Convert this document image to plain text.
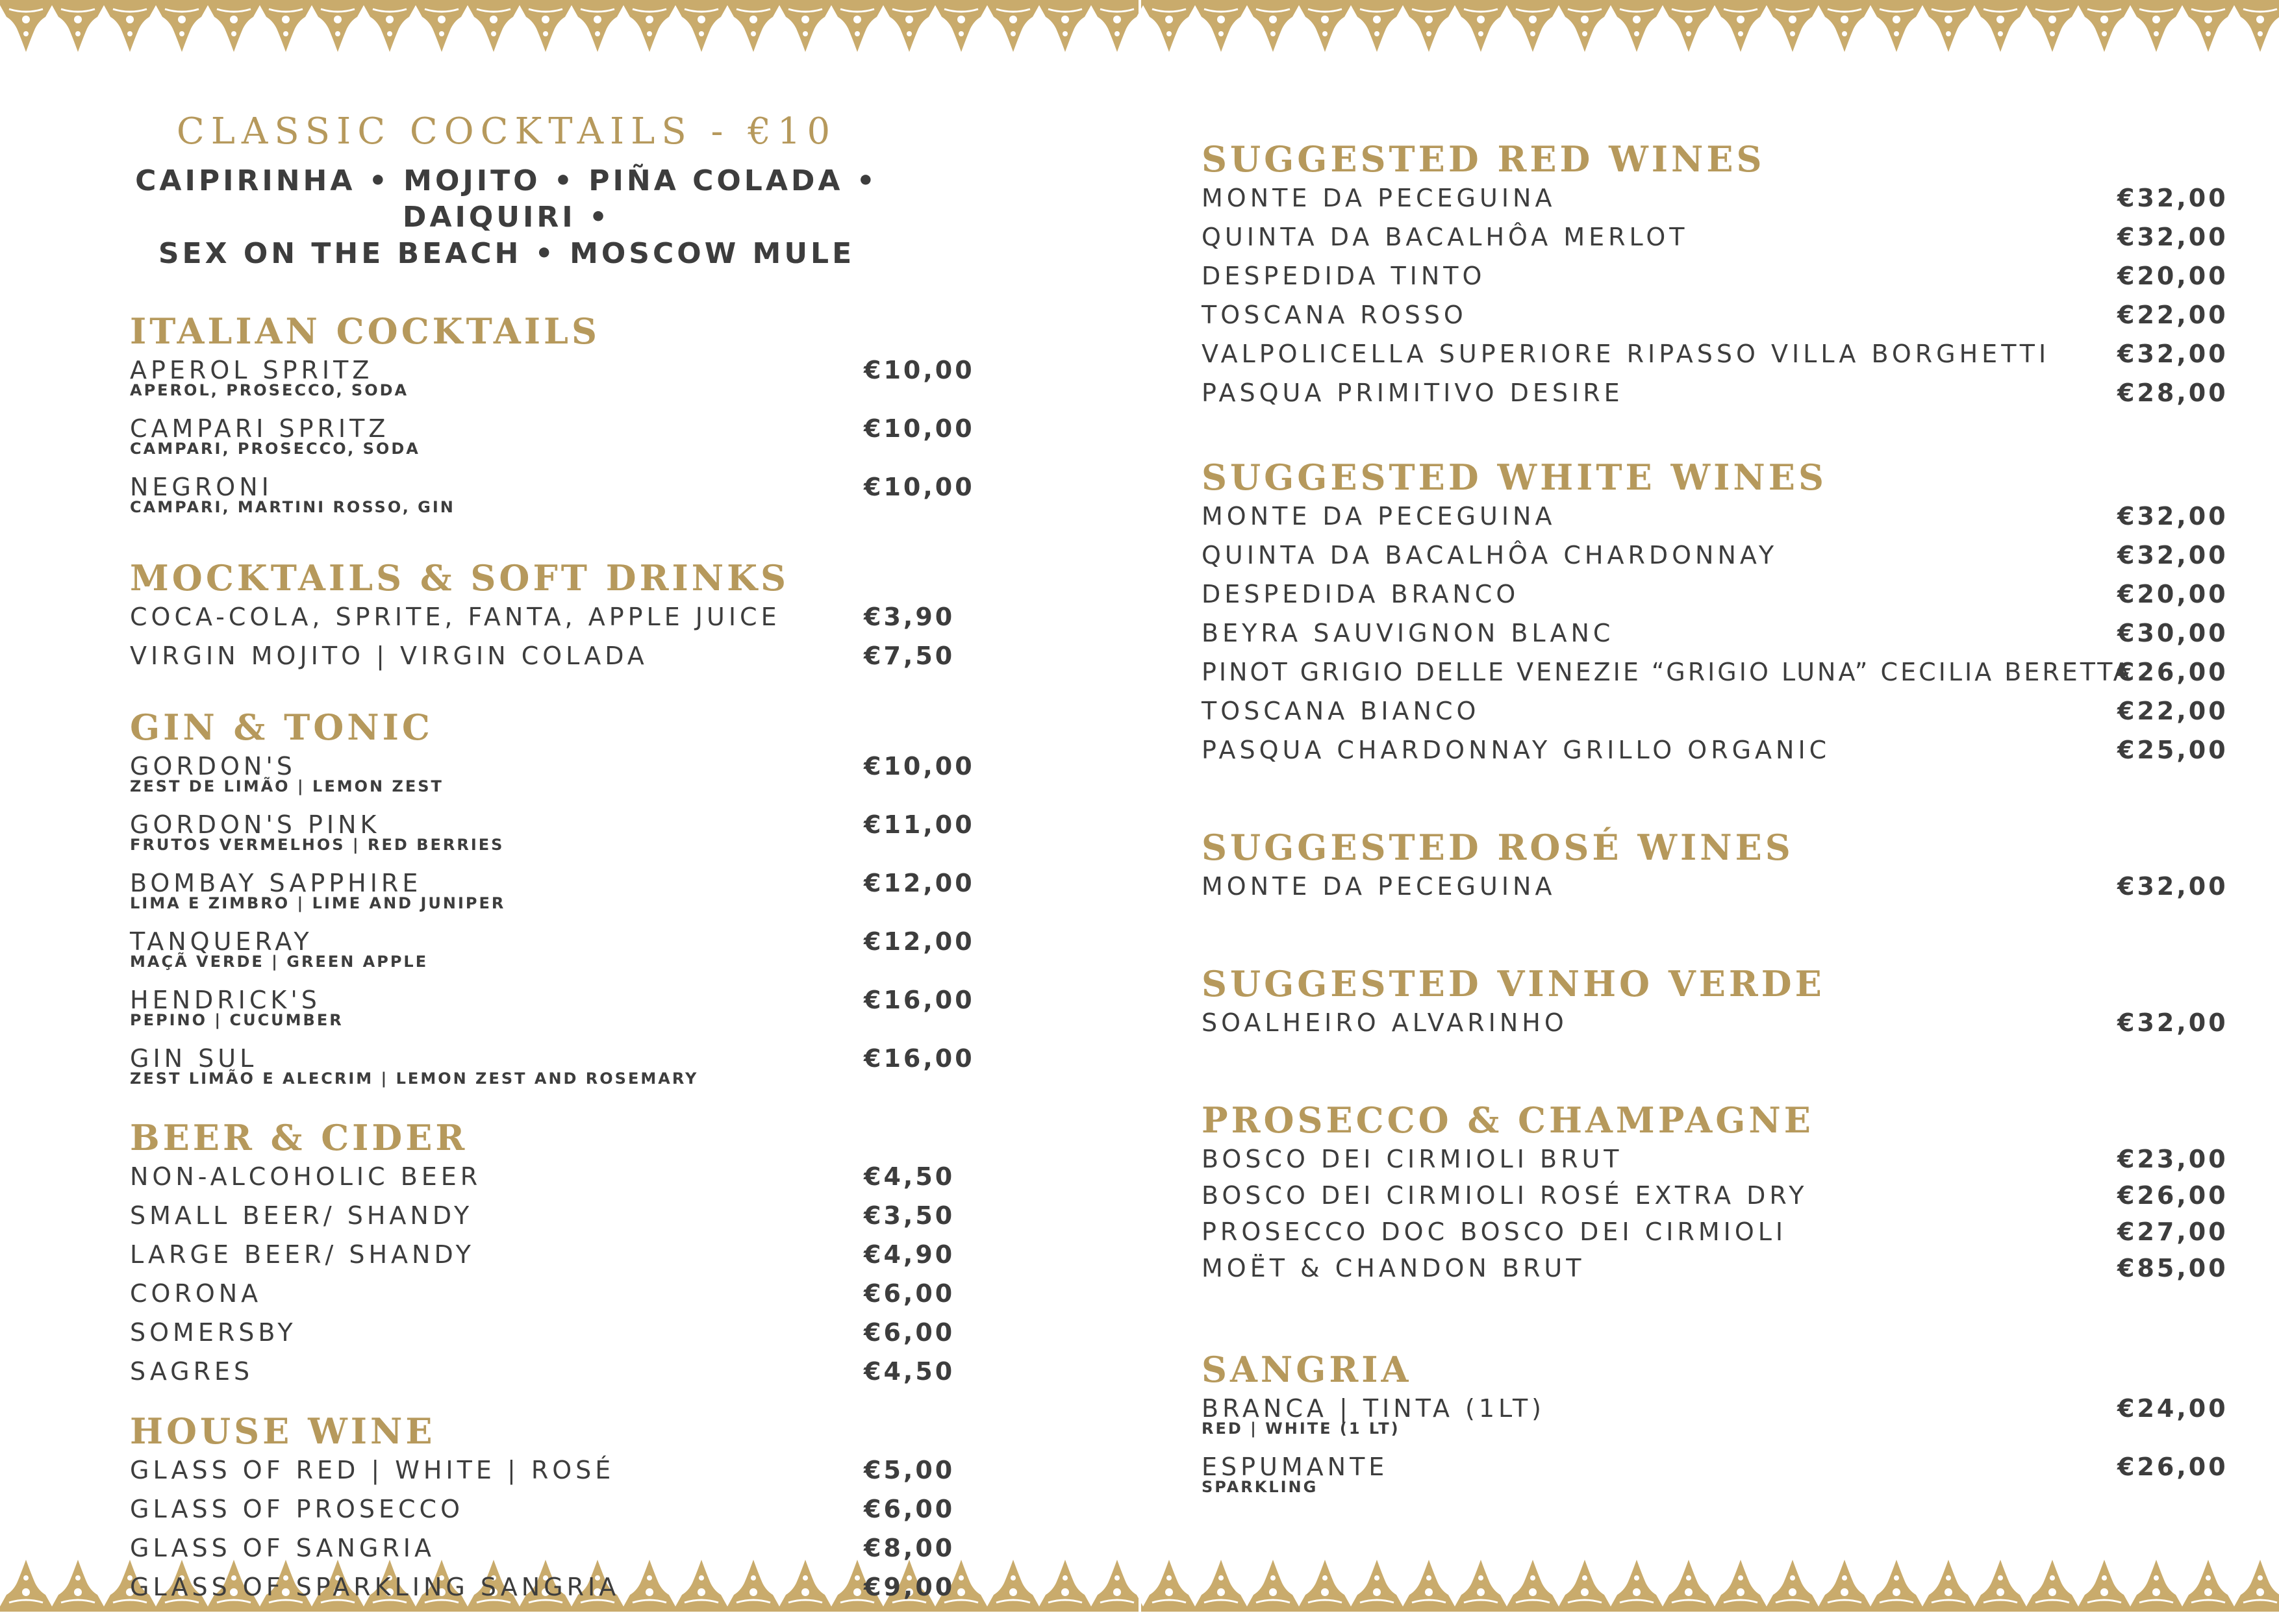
CLASSIC COCKTAILS - €10
CAIPIRINHA • MOJITO • PIÑA COLADA • DAIQUIRI •
SEX ON THE BEACH • MOSCOW MULE
ITALIAN COCKTAILS
APEROL SPRITZ
APEROL, PROSECCO, SODA
€10,00
CAMPARI SPRITZ
CAMPARI, PROSECCO, SODA
€10,00
NEGRONI
CAMPARI, MARTINI ROSSO, GIN
€10,00
MOCKTAILS & SOFT DRINKS
COCA-COLA, SPRITE, FANTA, APPLE JUICE	€3,90
VIRGIN MOJITO | VIRGIN COLADA	€7,50
GIN & TONIC
GORDON'S
ZEST DE LIMÃO | LEMON ZEST
€10,00
GORDON'S PINK
FRUTOS VERMELHOS | RED BERRIES
€11,00
BOMBAY SAPPHIRE
LIMA E ZIMBRO | LIME AND JUNIPER
€12,00
TANQUERAY
MAÇÃ VERDE | GREEN APPLE
€12,00
HENDRICK'S
PEPINO | CUCUMBER
€16,00
GIN SUL
ZEST LIMÃO E ALECRIM | LEMON ZEST AND ROSEMARY
€16,00
BEER & CIDER
NON-ALCOHOLIC BEER	€4,50
SMALL BEER/ SHANDY	€3,50
LARGE BEER/ SHANDY	€4,90
CORONA	€6,00
SOMERSBY	€6,00
SAGRES	€4,50
HOUSE WINE
GLASS OF RED | WHITE | ROSÉ	€5,00
GLASS OF PROSECCO	€6,00
GLASS OF SANGRIA	€8,00
GLASS OF SPARKLING SANGRIA	€9,00
SUGGESTED RED WINES
MONTE DA PECEGUINA	€32,00
QUINTA DA BACALHÔA MERLOT	€32,00
DESPEDIDA TINTO	€20,00
TOSCANA ROSSO	€22,00
VALPOLICELLA SUPERIORE RIPASSO VILLA BORGHETTI	€32,00
PASQUA PRIMITIVO DESIRE	€28,00
SUGGESTED WHITE WINES
MONTE DA PECEGUINA	€32,00
QUINTA DA BACALHÔA CHARDONNAY	€32,00
DESPEDIDA BRANCO	€20,00
BEYRA SAUVIGNON BLANC	€30,00
PINOT GRIGIO DELLE VENEZIE “GRIGIO LUNA” CECILIA BERETTA
€26,00
TOSCANA BIANCO	€22,00
PASQUA CHARDONNAY GRILLO ORGANIC	€25,00
SUGGESTED ROSÉ WINES
MONTE DA PECEGUINA	€32,00
SUGGESTED VINHO VERDE
SOALHEIRO ALVARINHO	€32,00
PROSECCO & CHAMPAGNE
BOSCO DEI CIRMIOLI BRUT	€23,00
BOSCO DEI CIRMIOLI ROSÉ EXTRA DRY	€26,00
PROSECCO DOC BOSCO DEI CIRMIOLI	€27,00
MOËT & CHANDON BRUT	€85,00
SANGRIA
BRANCA | TINTA (1LT)
RED | WHITE (1 LT)
€24,00
ESPUMANTE
SPARKLING
€26,00
